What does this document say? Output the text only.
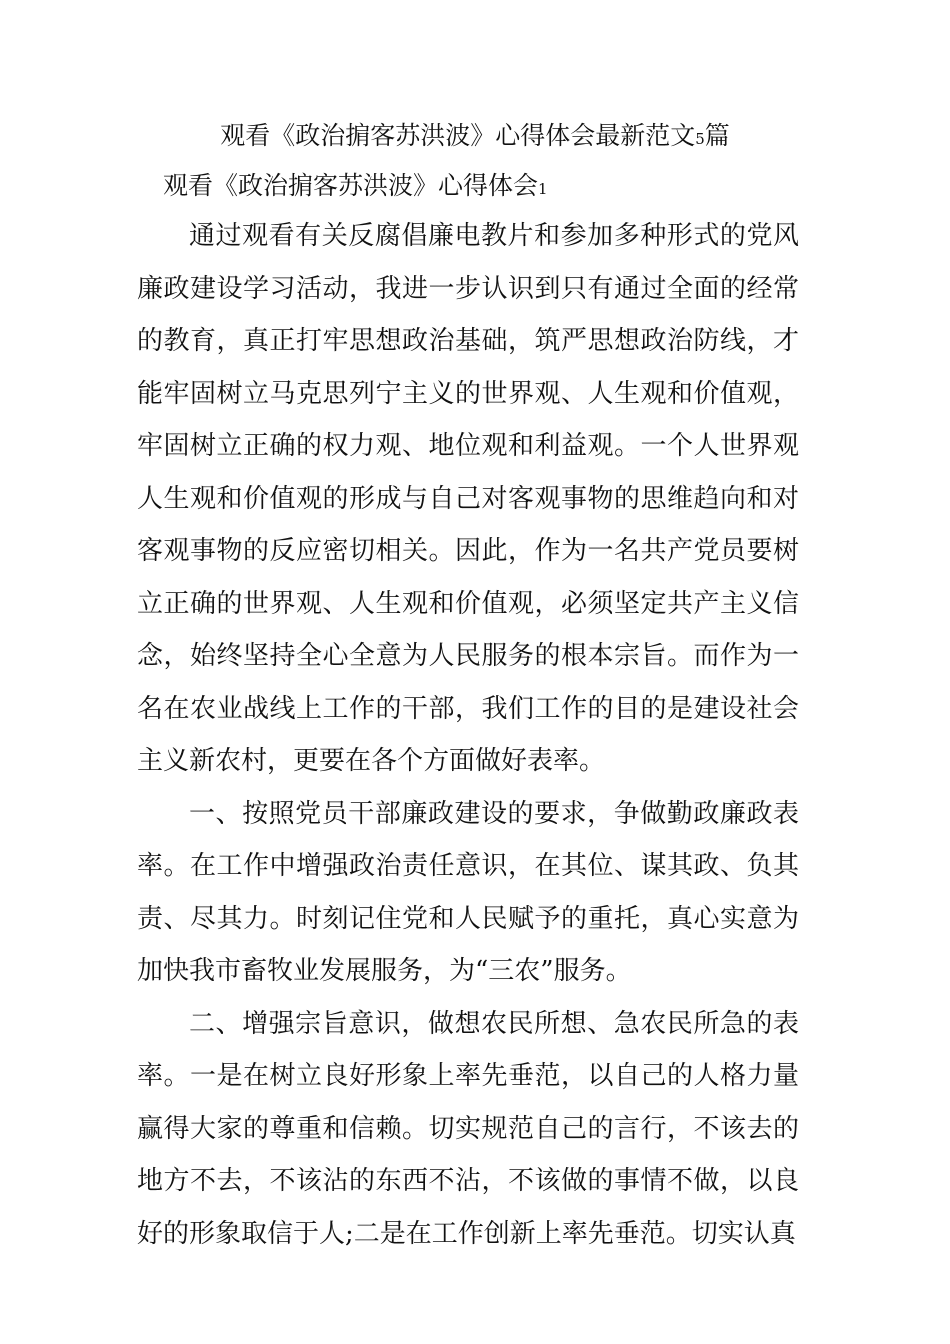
观看《政治掮客苏洪波》心得体会最新范文5篇
观看《政治掮客苏洪波》心得体会1

通过观看有关反腐倡廉电教片和参加多种形式的党风廉政建设学习活动，我进一步认识到只有通过全面的经常的教育，真正打牢思想政治基础，筑严思想政治防线，才能牢固树立马克思列宁主义的世界观、人生观和价值观，牢固树立正确的权力观、地位观和利益观。一个人世界观人生观和价值观的形成与自己对客观事物的思维趋向和对客观事物的反应密切相关。因此，作为一名共产党员要树立正确的世界观、人生观和价值观，必须坚定共产主义信念，始终坚持全心全意为人民服务的根本宗旨。而作为一名在农业战线上工作的干部，我们工作的目的是建设社会主义新农村，更要在各个方面做好表率。

一、按照党员干部廉政建设的要求，争做勤政廉政表率。在工作中增强政治责任意识，在其位、谋其政、负其责、尽其力。时刻记住党和人民赋予的重托，真心实意为加快我市畜牧业发展服务，为“三农”服务。

二、增强宗旨意识，做想农民所想、急农民所急的表率。一是在树立良好形象上率先垂范，以自己的人格力量赢得大家的尊重和信赖。切实规范自己的言行，不该去的地方不去，不该沾的东西不沾，不该做的事情不做，以良好的形象取信于人;二是在工作创新上率先垂范。切实认真
